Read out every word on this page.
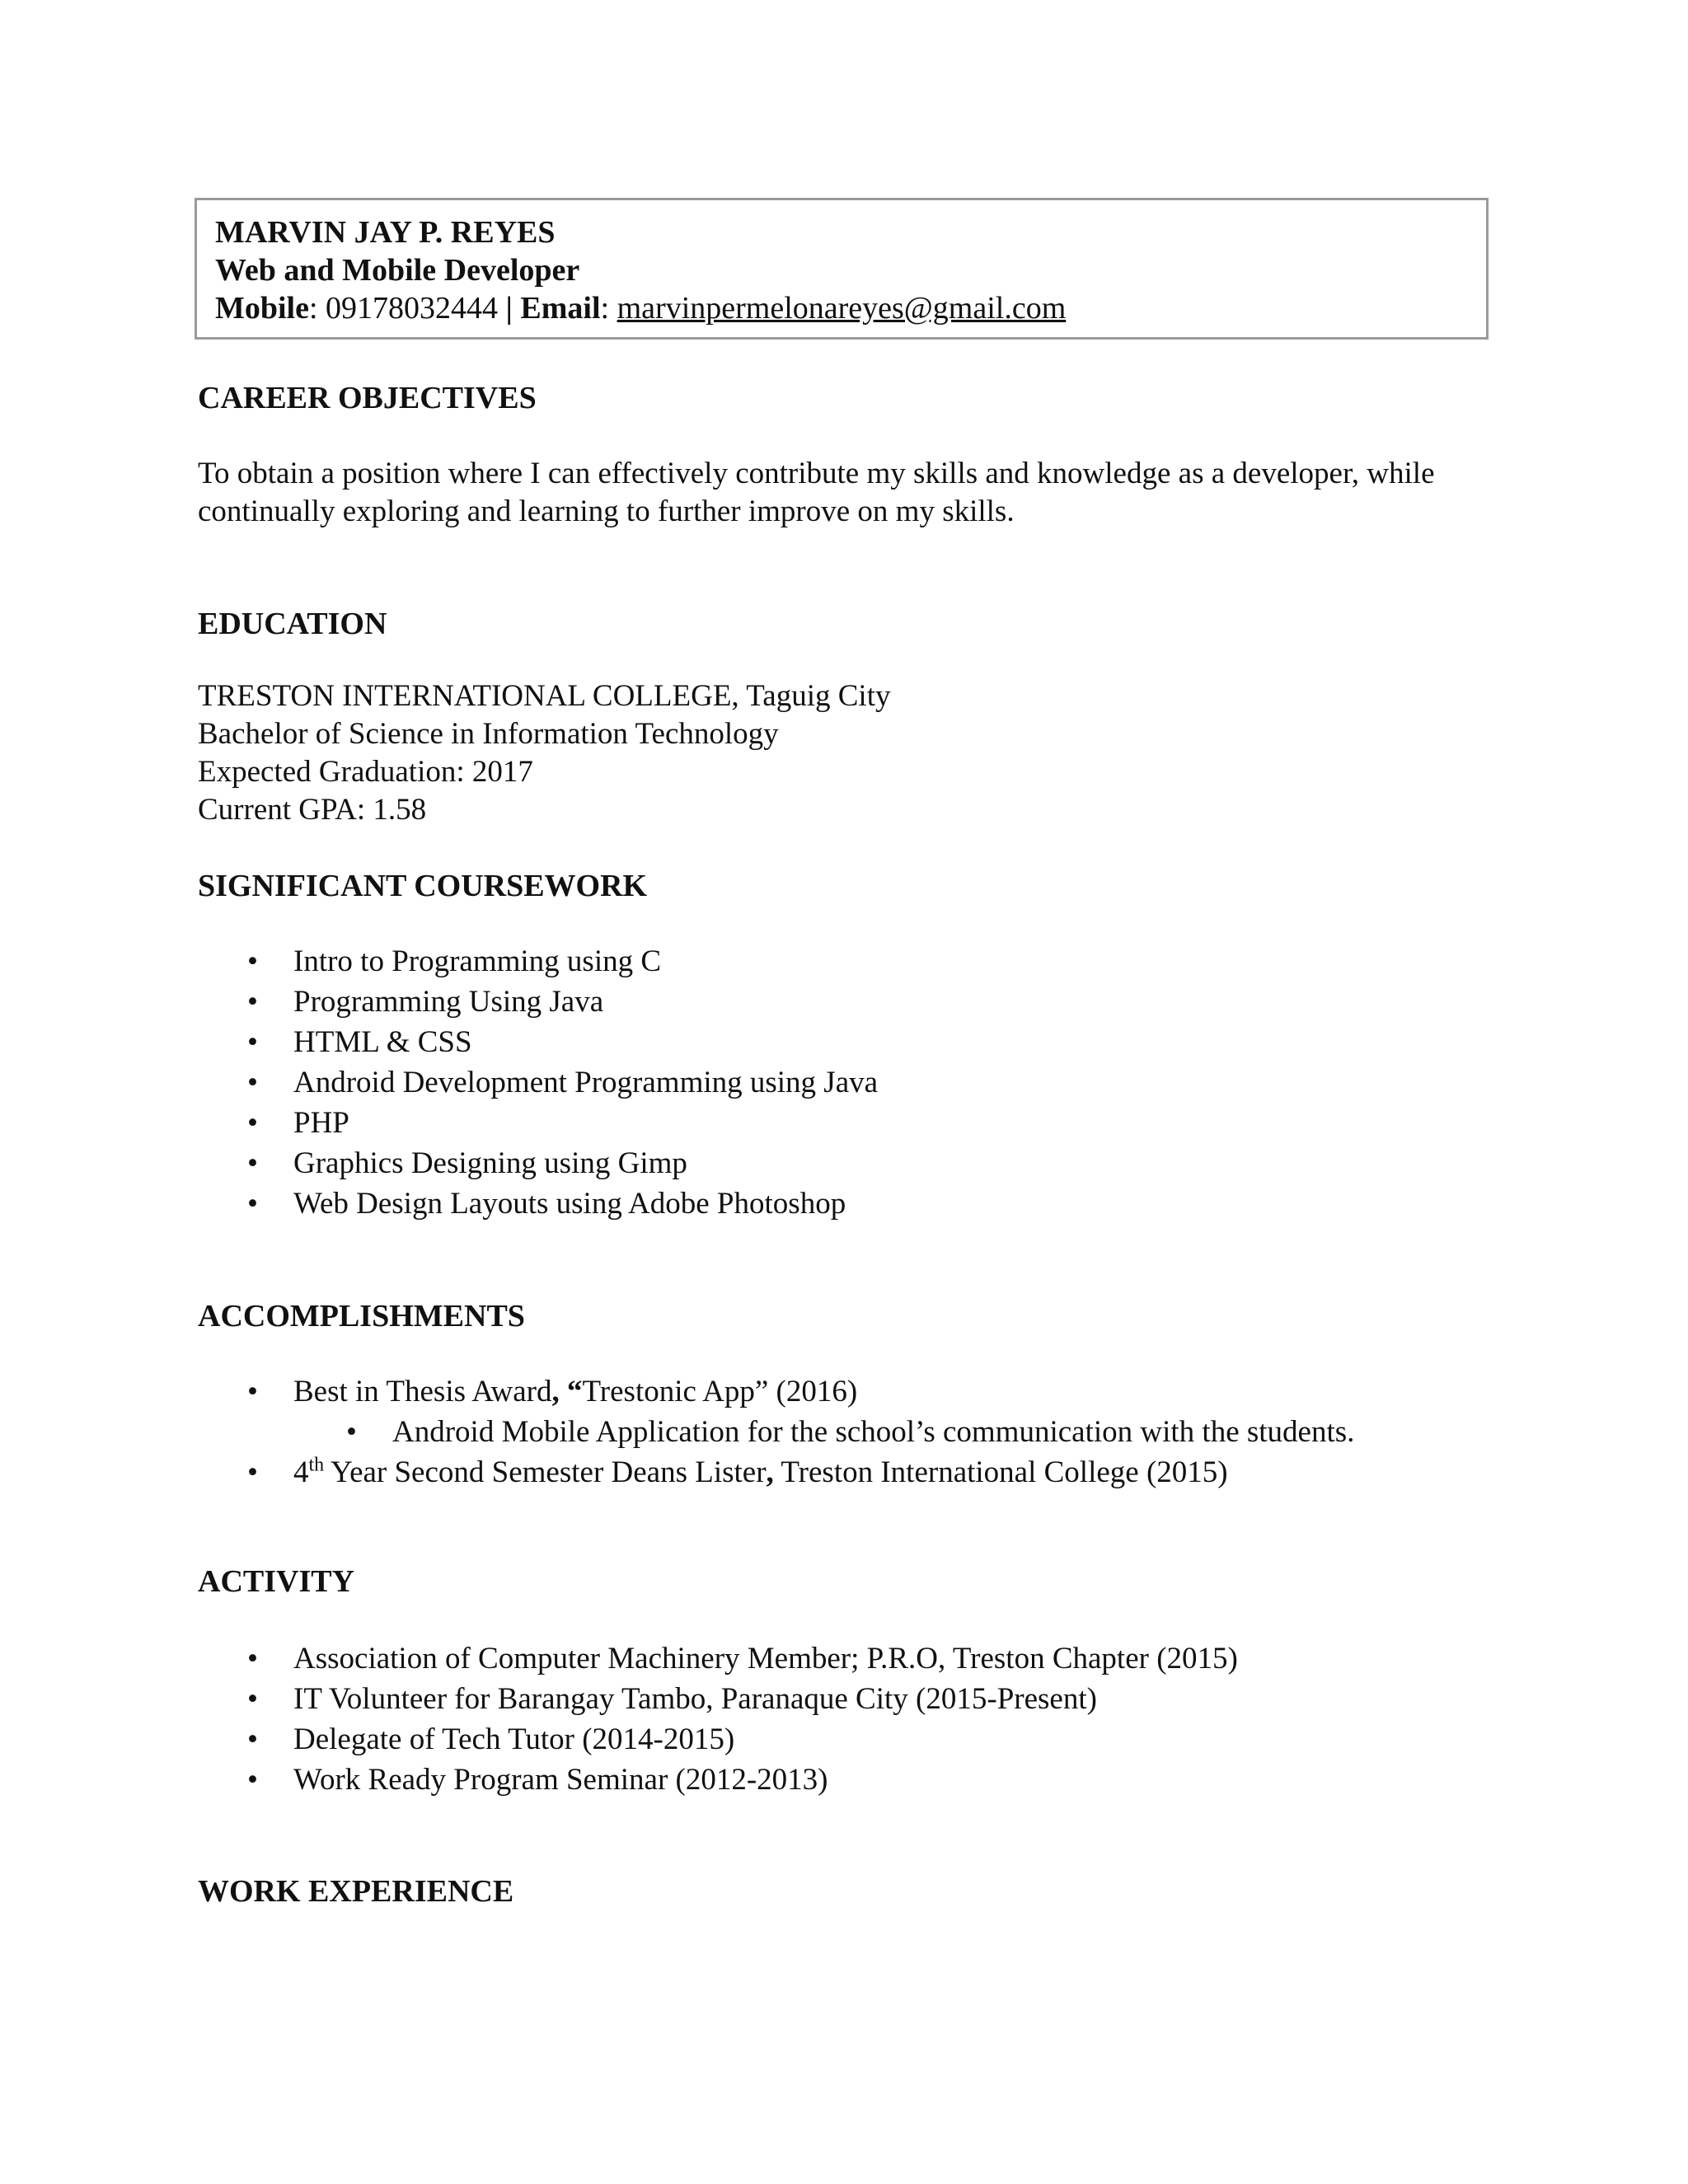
MARVIN JAY P. REYES
Web and Mobile Developer
Mobile: 09178032444 | Email: marvinpermelonareyes@gmail.com
CAREER OBJECTIVES
To obtain a position where I can effectively contribute my skills and knowledge as a developer, while continually exploring and learning to further improve on my skills.
EDUCATION
TRESTON INTERNATIONAL COLLEGE, Taguig City
Bachelor of Science in Information Technology
Expected Graduation: 2017
Current GPA: 1.58
SIGNIFICANT COURSEWORK
• Intro to Programming using C
• Programming Using Java
• HTML & CSS
• Android Development Programming using Java
• PHP
• Graphics Designing using Gimp
• Web Design Layouts using Adobe Photoshop
ACCOMPLISHMENTS
• Best in Thesis Award, “Trestonic App” (2016)
• Android Mobile Application for the school’s communication with the students.
• 4th Year Second Semester Deans Lister, Treston International College (2015)
ACTIVITY
• Association of Computer Machinery Member; P.R.O, Treston Chapter (2015)
• IT Volunteer for Barangay Tambo, Paranaque City (2015-Present)
• Delegate of Tech Tutor (2014-2015)
• Work Ready Program Seminar (2012-2013)
WORK EXPERIENCE
